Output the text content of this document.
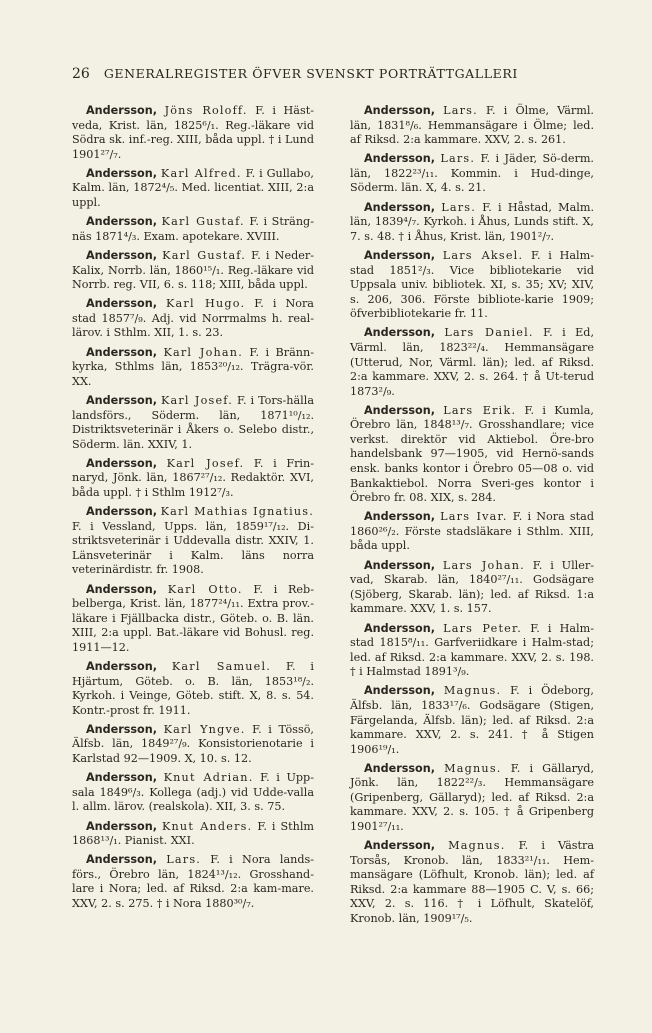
26 GENERALREGISTER ÖFVER SVENSKT PORTRÄTTGALLERI

Andersson, Jöns Roloff. F. i Häst-veda, Krist. län, 1825⁶/₁. Reg.-läkare vid Södra sk. inf.-reg. XIII, båda uppl. † i Lund 1901²⁷/₇.

Andersson, Karl Alfred. F. i Gullabo, Kalm. län, 1872⁴/₅. Med. licentiat. XIII, 2:a uppl.

Andersson, Karl Gustaf. F. i Sträng-näs 1871⁴/₃. Exam. apotekare. XVIII.

Andersson, Karl Gustaf. F. i Neder-Kalix, Norrb. län, 1860¹⁵/₁. Reg.-läkare vid Norrb. reg. VII, 6. s. 118; XIII, båda uppl.

Andersson, Karl Hugo. F. i Nora stad 1857⁷/₉. Adj. vid Norrmalms h. real-lärov. i Sthlm. XII, 1. s. 23.

Andersson, Karl Johan. F. i Bränn-kyrka, Sthlms län, 1853²⁰/₁₂. Trägra-vör. XX.

Andersson, Karl Josef. F. i Tors-hälla landsförs., Söderm. län, 1871¹⁰/₁₂. Distriktsveterinär i Åkers o. Selebo distr., Söderm. län. XXIV, 1.

Andersson, Karl Josef. F. i Frin-naryd, Jönk. län, 1867²⁷/₁₂. Redaktör. XVI, båda uppl. † i Sthlm 1912⁷/₃.

Andersson, Karl Mathias Ignatius. F. i Vessland, Upps. län, 1859¹⁷/₁₂. Di-striktsveterinär i Uddevalla distr. XXIV, 1. Länsveterinär i Kalm. läns norra veterinärdistr. fr. 1908.

Andersson, Karl Otto. F. i Reb-belberga, Krist. län, 1877²⁴/₁₁. Extra prov.-läkare i Fjällbacka distr., Göteb. o. B. län. XIII, 2:a uppl. Bat.-läkare vid Bohusl. reg. 1911—12.

Andersson, Karl Samuel. F. i Hjärtum, Göteb. o. B. län, 1853¹⁸/₂. Kyrkoh. i Veinge, Göteb. stift. X, 8. s. 54. Kontr.-prost fr. 1911.

Andersson, Karl Yngve. F. i Tössö, Älfsb. län, 1849²⁷/₉. Konsistorienotarie i Karlstad 92—1909. X, 10. s. 12.

Andersson, Knut Adrian. F. i Upp-sala 1849⁶/₃. Kollega (adj.) vid Udde-valla l. allm. lärov. (realskola). XII, 3. s. 75.

Andersson, Knut Anders. F. i Sthlm 1868¹³/₁. Pianist. XXI.

Andersson, Lars. F. i Nora lands-förs., Örebro län, 1824¹³/₁₂. Grosshand-lare i Nora; led. af Riksd. 2:a kam-mare. XXV, 2. s. 275. † i Nora 1880³⁰/₇.

Andersson, Lars. F. i Ölme, Värml. län, 1831⁸/₆. Hemmansägare i Ölme; led. af Riksd. 2:a kammare. XXV, 2. s. 261.

Andersson, Lars. F. i Jäder, Sö-derm. län, 1822²³/₁₁. Kommin. i Hud-dinge, Söderm. län. X, 4. s. 21.

Andersson, Lars. F. i Håstad, Malm. län, 1839⁴/₇. Kyrkoh. i Åhus, Lunds stift. X, 7. s. 48. † i Åhus, Krist. län, 1901²/₇.

Andersson, Lars Aksel. F. i Halm-stad 1851²/₃. Vice bibliotekarie vid Uppsala univ. bibliotek. XI, s. 35; XV; XIV, s. 206, 306. Förste bibliote-karie 1909; öfverbibliotekarie fr. 11.

Andersson, Lars Daniel. F. i Ed, Värml. län, 1823²²/₄. Hemmansägare (Utterud, Nor, Värml. län); led. af Riksd. 2:a kammare. XXV, 2. s. 264. † å Ut-terud 1873²/₉.

Andersson, Lars Erik. F. i Kumla, Örebro län, 1848¹³/₇. Grosshandlare; vice verkst. direktör vid Aktiebol. Öre-bro handelsbank 97—1905, vid Hernö-sands ensk. banks kontor i Örebro 05—08 o. vid Bankaktiebol. Norra Sveri-ges kontor i Örebro fr. 08. XIX, s. 284.

Andersson, Lars Ivar. F. i Nora stad 1860²⁶/₂. Förste stadsläkare i Sthlm. XIII, båda uppl.

Andersson, Lars Johan. F. i Uller-vad, Skarab. län, 1840²⁷/₁₁. Godsägare (Sjöberg, Skarab. län); led. af Riksd. 1:a kammare. XXV, 1. s. 157.

Andersson, Lars Peter. F. i Halm-stad 1815⁸/₁₁. Garfveriidkare i Halm-stad; led. af Riksd. 2:a kammare. XXV, 2. s. 198. † i Halmstad 1891³/₉.

Andersson, Magnus. F. i Ödeborg, Älfsb. län, 1833¹⁷/₆. Godsägare (Stigen, Färgelanda, Älfsb. län); led. af Riksd. 2:a kammare. XXV, 2. s. 241. † å Stigen 1906¹⁹/₁.

Andersson, Magnus. F. i Gällaryd, Jönk. län, 1822²²/₃. Hemmansägare (Gripenberg, Gällaryd); led. af Riksd. 2:a kammare. XXV, 2. s. 105. † å Gripenberg 1901²⁷/₁₁.

Andersson, Magnus. F. i Västra Torsås, Kronob. län, 1833²¹/₁₁. Hem-mansägare (Löfhult, Kronob. län); led. af Riksd. 2:a kammare 88—1905 C. V, s. 66; XXV, 2. s. 116. † i Löfhult, Skatelöf, Kronob. län, 1909¹⁷/₅.
